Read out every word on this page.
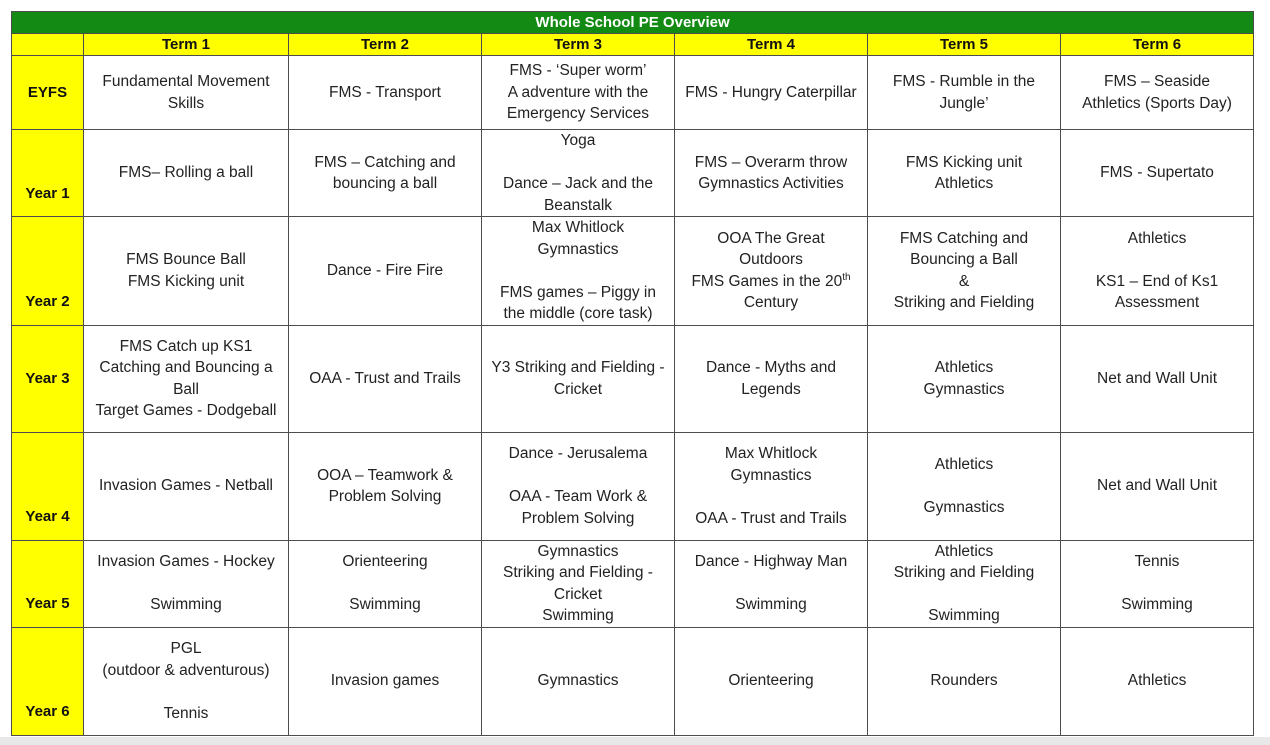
Whole School PE Overview						
	Term 1	Term 2	Term 3	Term 4	Term 5	Term 6
EYFS	Fundamental Movement
Skills	FMS - Transport	FMS - ‘Super worm’
A adventure with the
Emergency Services	FMS - Hungry Caterpillar	FMS - Rumble in the
Jungle’	FMS – Seaside
Athletics (Sports Day)

Year 1	FMS– Rolling a ball	FMS – Catching and
bouncing a ball	Yoga
Dance – Jack and the
Beanstalk	FMS – Overarm throw
Gymnastics Activities	FMS Kicking unit
Athletics	FMS - Supertato

Year 2	FMS Bounce Ball
FMS Kicking unit	Dance - Fire Fire	Max Whitlock
Gymnastics
FMS games – Piggy in
the middle (core task)	OOA The Great
Outdoors
FMS Games in the 20th
Century	FMS Catching and
Bouncing a Ball
&
Striking and Fielding	Athletics
KS1 – End of Ks1
Assessment

Year 3	FMS Catch up KS1
Catching and Bouncing a
Ball
Target Games - Dodgeball	OAA - Trust and Trails	Y3 Striking and Fielding -
Cricket	Dance - Myths and
Legends	Athletics
Gymnastics	Net and Wall Unit

Year 4	Invasion Games - Netball	OOA – Teamwork &
Problem Solving	Dance - Jerusalema
OAA - Team Work &
Problem Solving	Max Whitlock
Gymnastics
OAA - Trust and Trails	Athletics
Gymnastics	Net and Wall Unit

Year 5	Invasion Games - Hockey
Swimming	Orienteering
Swimming	Gymnastics
Striking and Fielding -
Cricket
Swimming	Dance - Highway Man
Swimming	Athletics
Striking and Fielding
Swimming	Tennis
Swimming

Year 6	PGL
(outdoor & adventurous)
Tennis	Invasion games	Gymnastics	Orienteering	Rounders	Athletics
